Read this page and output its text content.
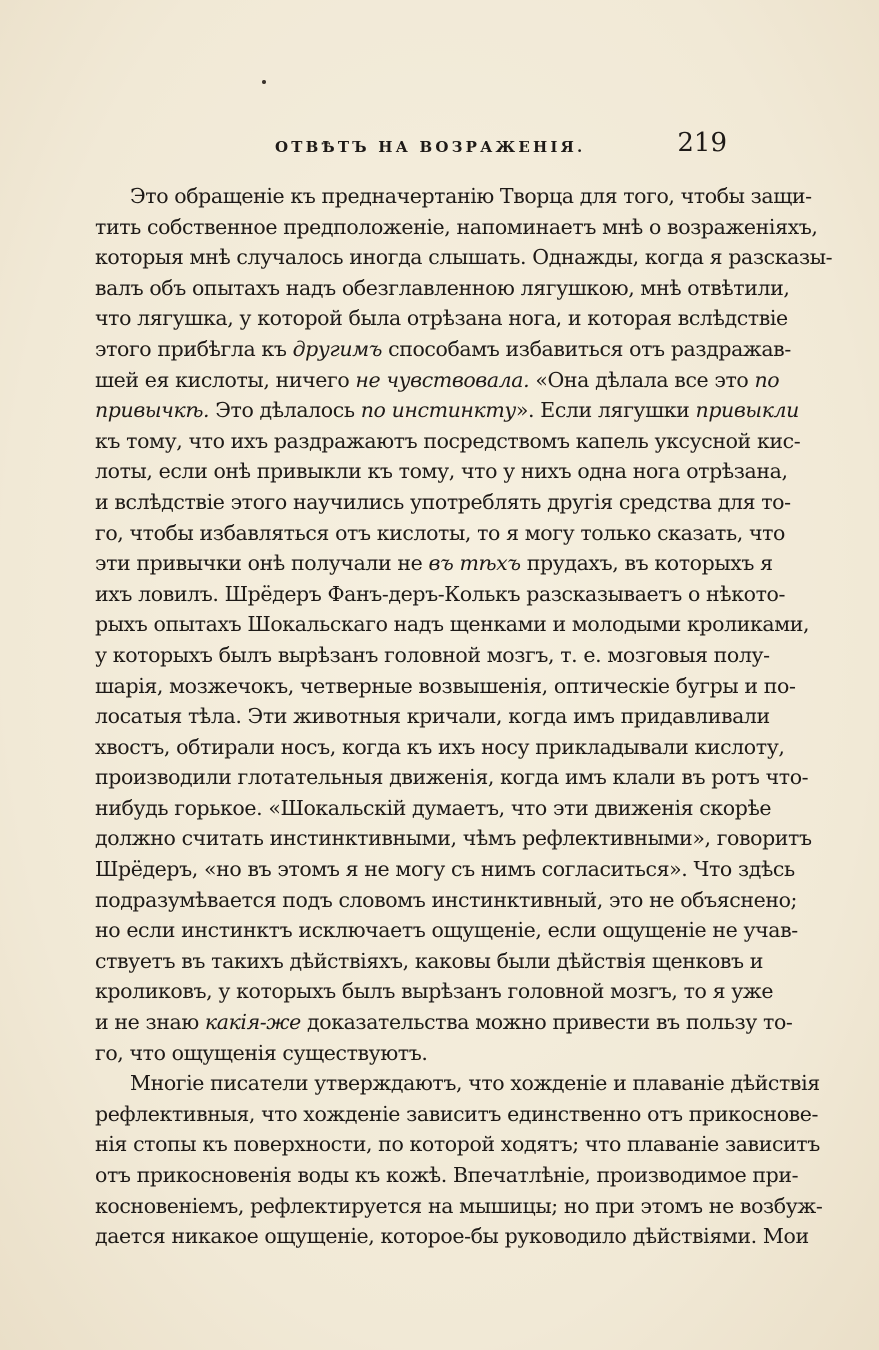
ОТВѢТЪ НА ВОЗРАЖЕНІЯ.	219
Это обращеніе къ предначертанію Творца для того, чтобы защи-
тить собственное предположеніе, напоминаетъ мнѣ о возраженіяхъ,
которыя мнѣ случалось иногда слышать. Однажды, когда я разсказы-
валъ объ опытахъ надъ обезглавленною лягушкою, мнѣ отвѣтили,
что лягушка, у которой была отрѣзана нога, и которая вслѣдствіе
этого прибѣгла къ другимъ способамъ избавиться отъ раздражав-
шей ея кислоты, ничего не чувствовала. «Она дѣлала все это по
привычкѣ. Это дѣлалось по инстинкту». Если лягушки привыкли
къ тому, что ихъ раздражаютъ посредствомъ капель уксусной кис-
лоты, если онѣ привыкли къ тому, что у нихъ одна нога отрѣзана,
и вслѣдствіе этого научились употреблять другія средства для то-
го, чтобы избавляться отъ кислоты, то я могу только сказать, что
эти привычки онѣ получали не въ тѣхъ прудахъ, въ которыхъ я
ихъ ловилъ. Шрёдеръ Фанъ-деръ-Колькъ разсказываетъ о нѣкото-
рыхъ опытахъ Шокальскаго надъ щенками и молодыми кроликами,
у которыхъ былъ вырѣзанъ головной мозгъ, т. е. мозговыя полу-
шарія, мозжечокъ, четверные возвышенія, оптическіе бугры и по-
лосатыя тѣла. Эти животныя кричали, когда имъ придавливали
хвостъ, обтирали носъ, когда къ ихъ носу прикладывали кислоту,
производили глотательныя движенія, когда имъ клали въ ротъ что-
нибудь горькое. «Шокальскій думаетъ, что эти движенія скорѣе
должно считать инстинктивными, чѣмъ рефлективными», говоритъ
Шрёдеръ, «но въ этомъ я не могу съ нимъ согласиться». Что здѣсь
подразумѣвается подъ словомъ инстинктивный, это не объяснено;
но если инстинктъ исключаетъ ощущеніе, если ощущеніе не учав-
ствуетъ въ такихъ дѣйствіяхъ, каковы были дѣйствія щенковъ и
кроликовъ, у которыхъ былъ вырѣзанъ головной мозгъ, то я уже
и не знаю какія-же доказательства можно привести въ пользу то-
го, что ощущенія существуютъ.
Многіе писатели утверждаютъ, что хожденіе и плаваніе дѣйствія
рефлективныя, что хожденіе зависитъ единственно отъ прикоснове-
нія стопы къ поверхности, по которой ходятъ; что плаваніе зависитъ
отъ прикосновенія воды къ кожѣ. Впечатлѣніе, производимое при-
косновеніемъ, рефлектируется на мышицы; но при этомъ не возбуж-
дается никакое ощущеніе, которое-бы руководило дѣйствіями. Мои
